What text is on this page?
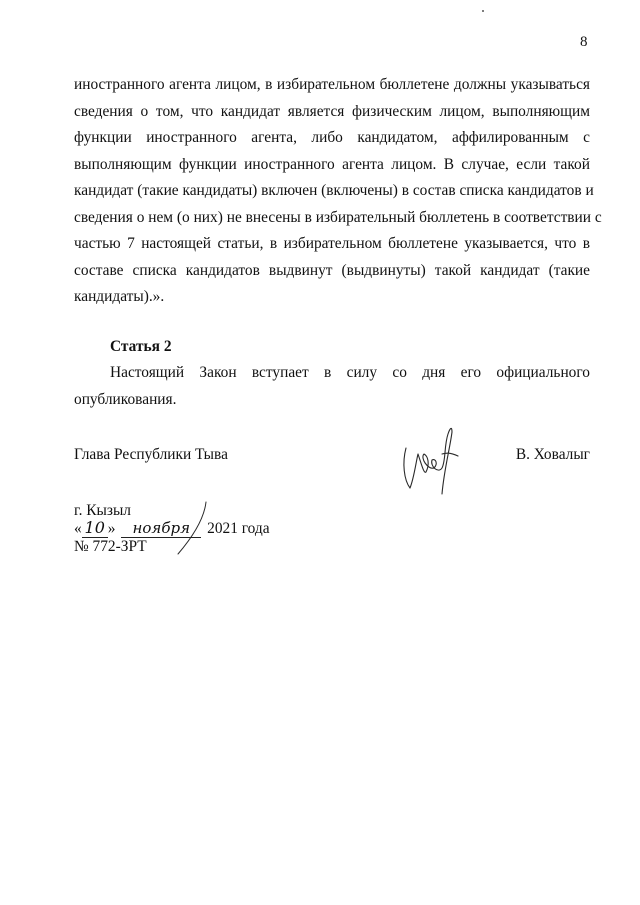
8
иностранного агента лицом, в избирательном бюллетене должны указываться
сведения о том, что кандидат является физическим лицом, выполняющим
функции иностранного агента, либо кандидатом, аффилированным с
выполняющим функции иностранного агента лицом. В случае, если такой
кандидат (такие кандидаты) включен (включены) в состав списка кандидатов и
сведения о нем (о них) не внесены в избирательный бюллетень в соответствии с
частью 7 настоящей статьи, в избирательном бюллетене указывается, что в
составе списка кандидатов выдвинут (выдвинуты) такой кандидат (такие
кандидаты).».
Статья 2
Настоящий Закон вступает в силу со дня его официального
опубликования.
Глава Республики Тыва	В. Ховалыг
г. Кызыл
« 10 » ноября 2021 года
№ 772-ЗРТ
